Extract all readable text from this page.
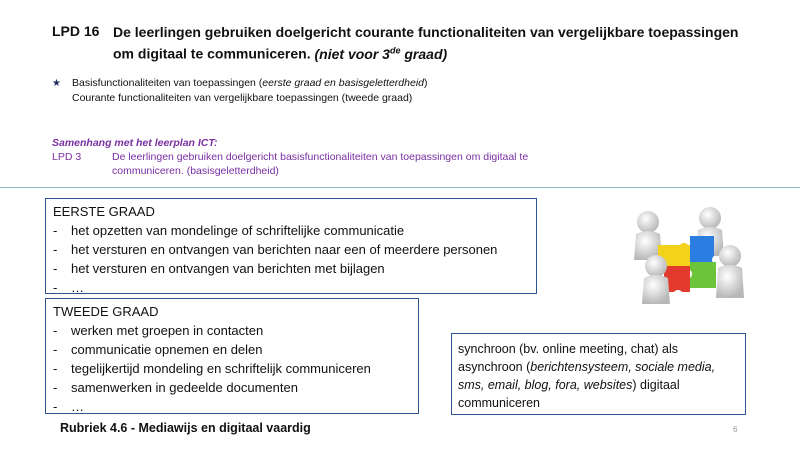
LPD 16 De leerlingen gebruiken doelgericht courante functionaliteiten van vergelijkbare toepassingen om digitaal te communiceren. (niet voor 3de graad)
★ Basisfunctionaliteiten van toepassingen (eerste graad en basisgeletterdheid)
Courante functionaliteiten van vergelijkbare toepassingen (tweede graad)
Samenhang met het leerplan ICT:
LPD 3	De leerlingen gebruiken doelgericht basisfunctionaliteiten van toepassingen om digitaal te communiceren. (basisgeletterdheid)
EERSTE GRAAD
-	het opzetten van mondelinge of schriftelijke communicatie
-	het versturen en ontvangen van berichten naar een of meerdere personen
-	het versturen en ontvangen van berichten met bijlagen
-	…
TWEEDE GRAAD
-	werken met groepen in contacten
-	communicatie opnemen en delen
-	tegelijkertijd mondeling en schriftelijk communiceren
-	samenwerken in gedeelde documenten
-	…
synchroon (bv. online meeting, chat) als asynchroon (berichtensysteem, sociale media, sms, email, blog, fora, websites) digitaal communiceren
Rubriek 4.6 - Mediawijs en digitaal vaardig	6
